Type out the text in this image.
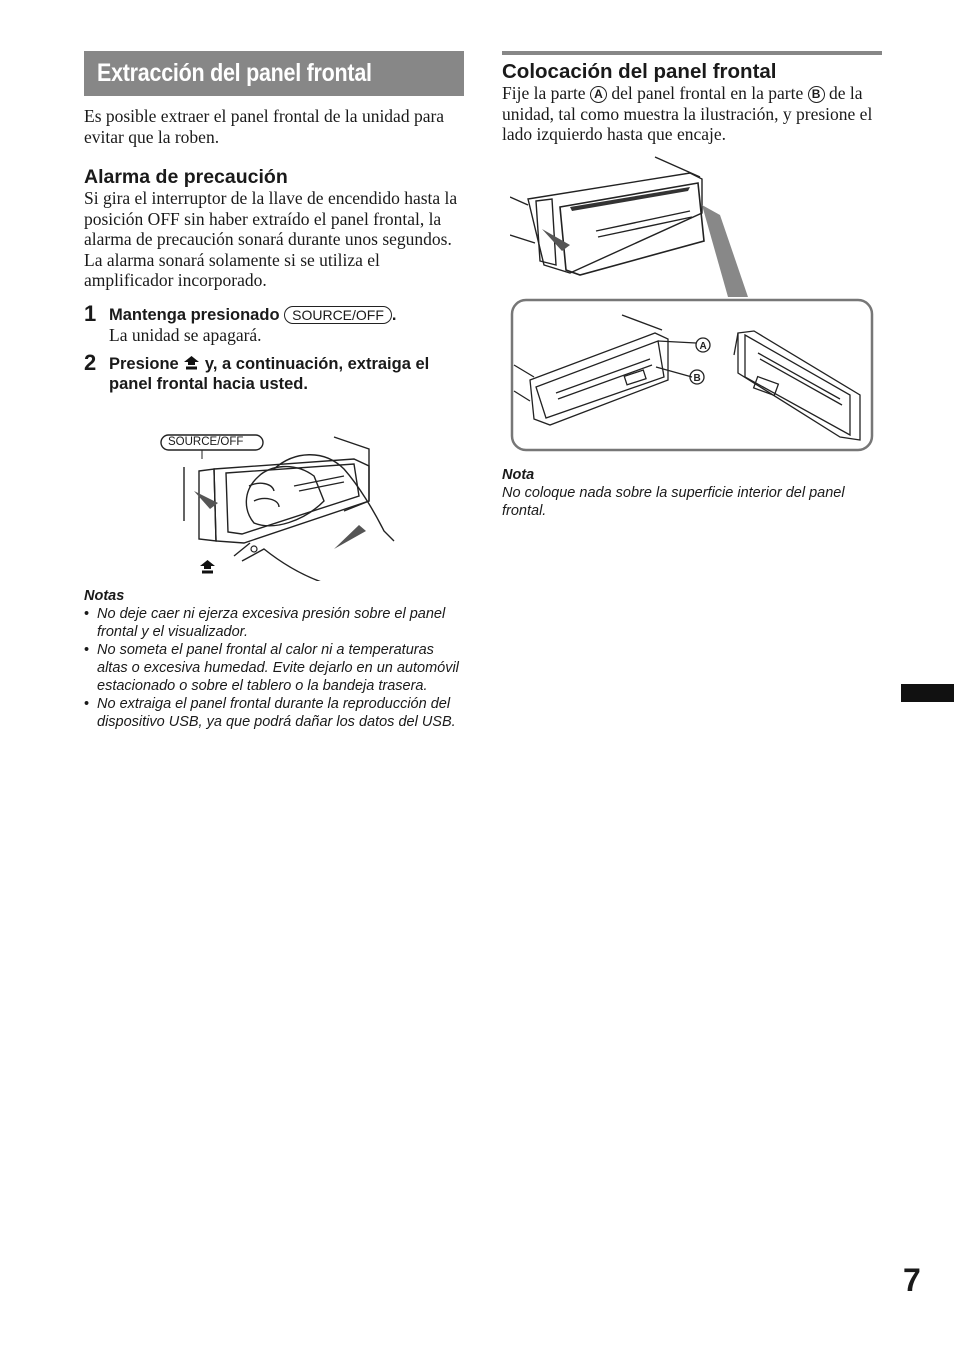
Extracción del panel frontal

Es posible extraer el panel frontal de la unidad para evitar que la roben.

Alarma de precaución

Si gira el interruptor de la llave de encendido hasta la posición OFF sin haber extraído el panel frontal, la alarma de precaución sonará durante unos segundos.

La alarma sonará solamente si se utiliza el amplificador incorporado.

1 Mantenga presionado SOURCE/OFF .

La unidad se apagará.

2 Presione y, a continuación, extraiga el panel frontal hacia usted.

SOURCE/OFF

Notas

• No deje caer ni ejerza excesiva presión sobre el panel frontal y el visualizador.
• No someta el panel frontal al calor ni a temperaturas altas o excesiva humedad. Evite dejarlo en un automóvil estacionado o sobre el tablero o la bandeja trasera.
• No extraiga el panel frontal durante la reproducción del dispositivo USB, ya que podrá dañar los datos del USB.

Colocación del panel frontal

Fije la parte A del panel frontal en la parte B de la unidad, tal como muestra la ilustración, y presione el lado izquierdo hasta que encaje.

A
B

Nota

No coloque nada sobre la superficie interior del panel frontal.

7
